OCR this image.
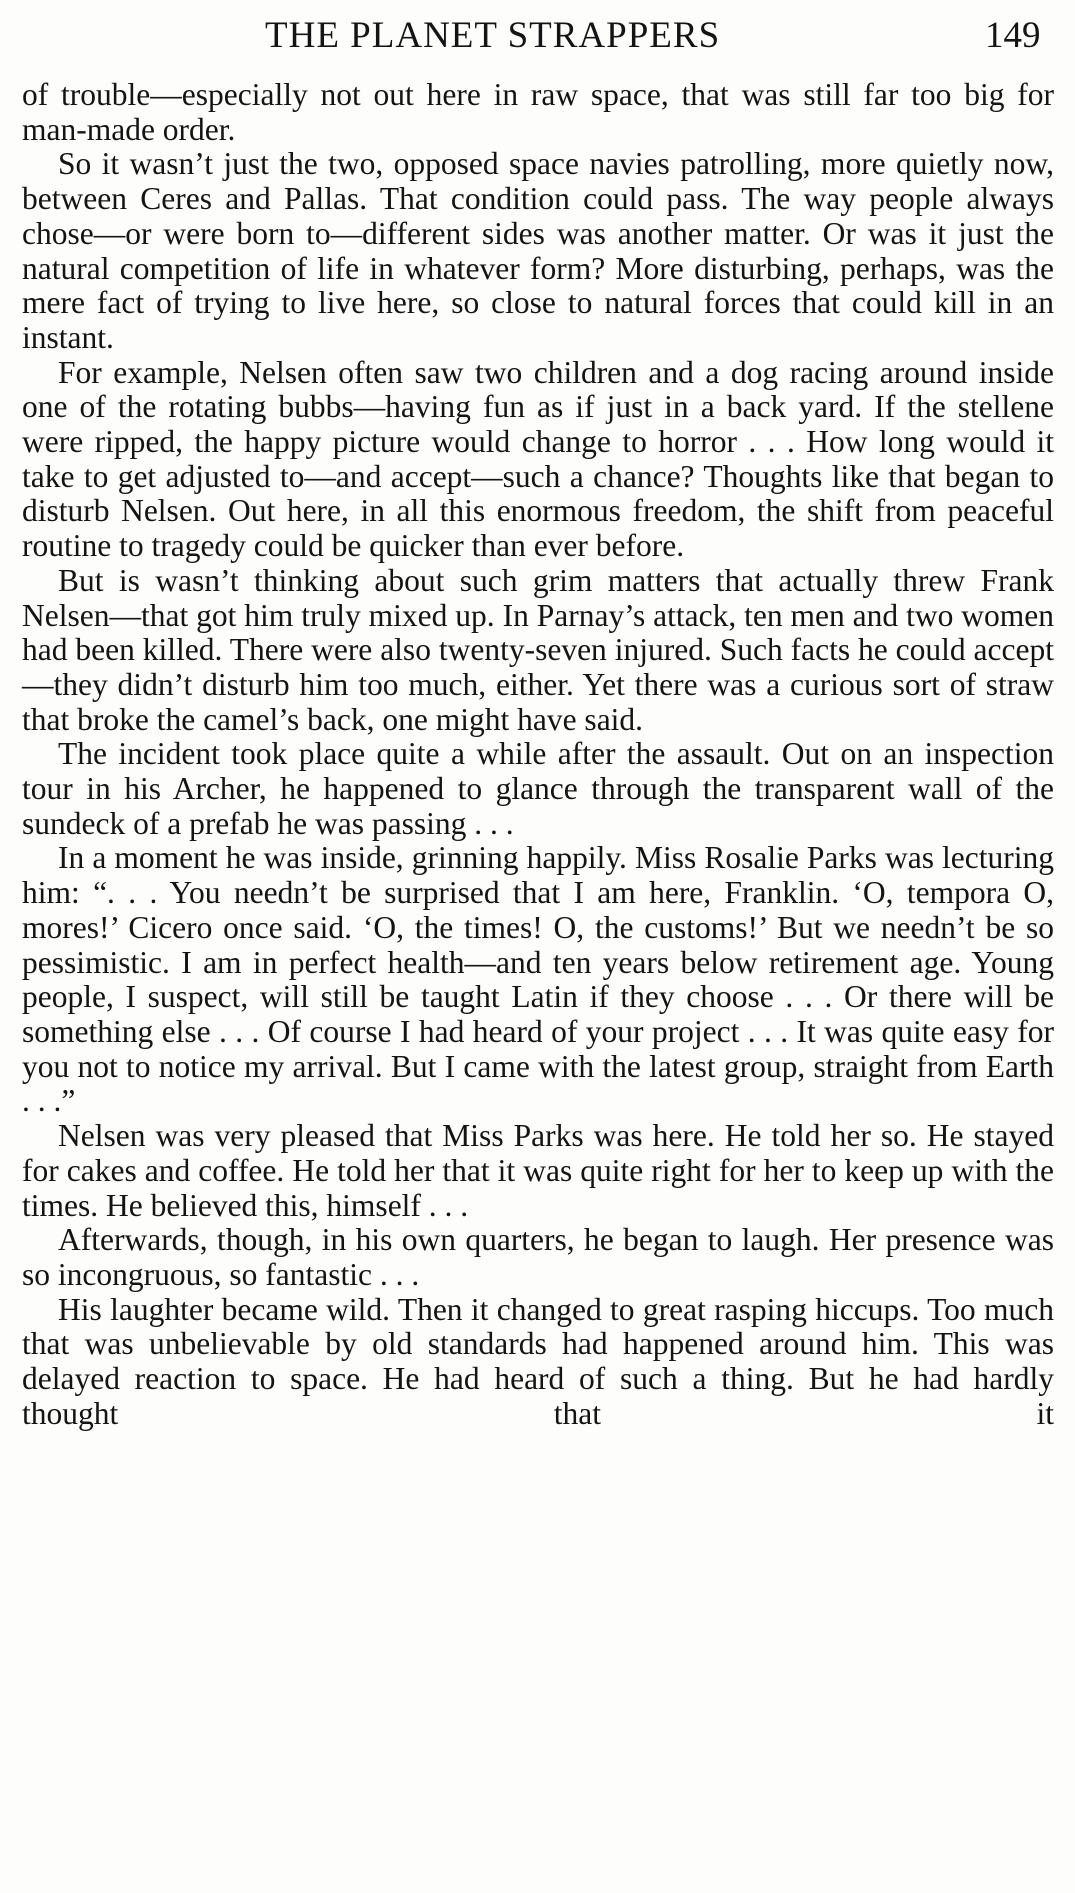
THE PLANET STRAPPERS	149

of trouble—especially not out here in raw space, that was still far too big for man-made order.

So it wasn’t just the two, opposed space navies patrolling, more quietly now, between Ceres and Pallas. That condition could pass. The way people always chose—or were born to—different sides was another matter. Or was it just the natural competition of life in whatever form? More disturbing, perhaps, was the mere fact of trying to live here, so close to natural forces that could kill in an instant.

For example, Nelsen often saw two children and a dog racing around inside one of the rotating bubbs—having fun as if just in a back yard. If the stellene were ripped, the happy picture would change to horror . . . How long would it take to get adjusted to—and accept—such a chance? Thoughts like that began to disturb Nelsen. Out here, in all this enormous freedom, the shift from peaceful routine to tragedy could be quicker than ever before.

But is wasn’t thinking about such grim matters that actually threw Frank Nelsen—that got him truly mixed up. In Parnay’s attack, ten men and two women had been killed. There were also twenty-seven injured. Such facts he could accept—they didn’t disturb him too much, either. Yet there was a curious sort of straw that broke the camel’s back, one might have said.

The incident took place quite a while after the assault. Out on an inspection tour in his Archer, he happened to glance through the transparent wall of the sundeck of a prefab he was passing . . .

In a moment he was inside, grinning happily. Miss Rosalie Parks was lecturing him: “. . . You needn’t be surprised that I am here, Franklin. ‘O, tempora O, mores!’ Cicero once said. ‘O, the times! O, the customs!’ But we needn’t be so pessimistic. I am in perfect health—and ten years below retirement age. Young people, I suspect, will still be taught Latin if they choose . . . Or there will be something else . . . Of course I had heard of your project . . . It was quite easy for you not to notice my arrival. But I came with the latest group, straight from Earth . . .”

Nelsen was very pleased that Miss Parks was here. He told her so. He stayed for cakes and coffee. He told her that it was quite right for her to keep up with the times. He believed this, himself . . .

Afterwards, though, in his own quarters, he began to laugh. Her presence was so incongruous, so fantastic . . .

His laughter became wild. Then it changed to great rasping hiccups. Too much that was unbelievable by old standards had happened around him. This was delayed reaction to space. He had heard of such a thing. But he had hardly thought that it
